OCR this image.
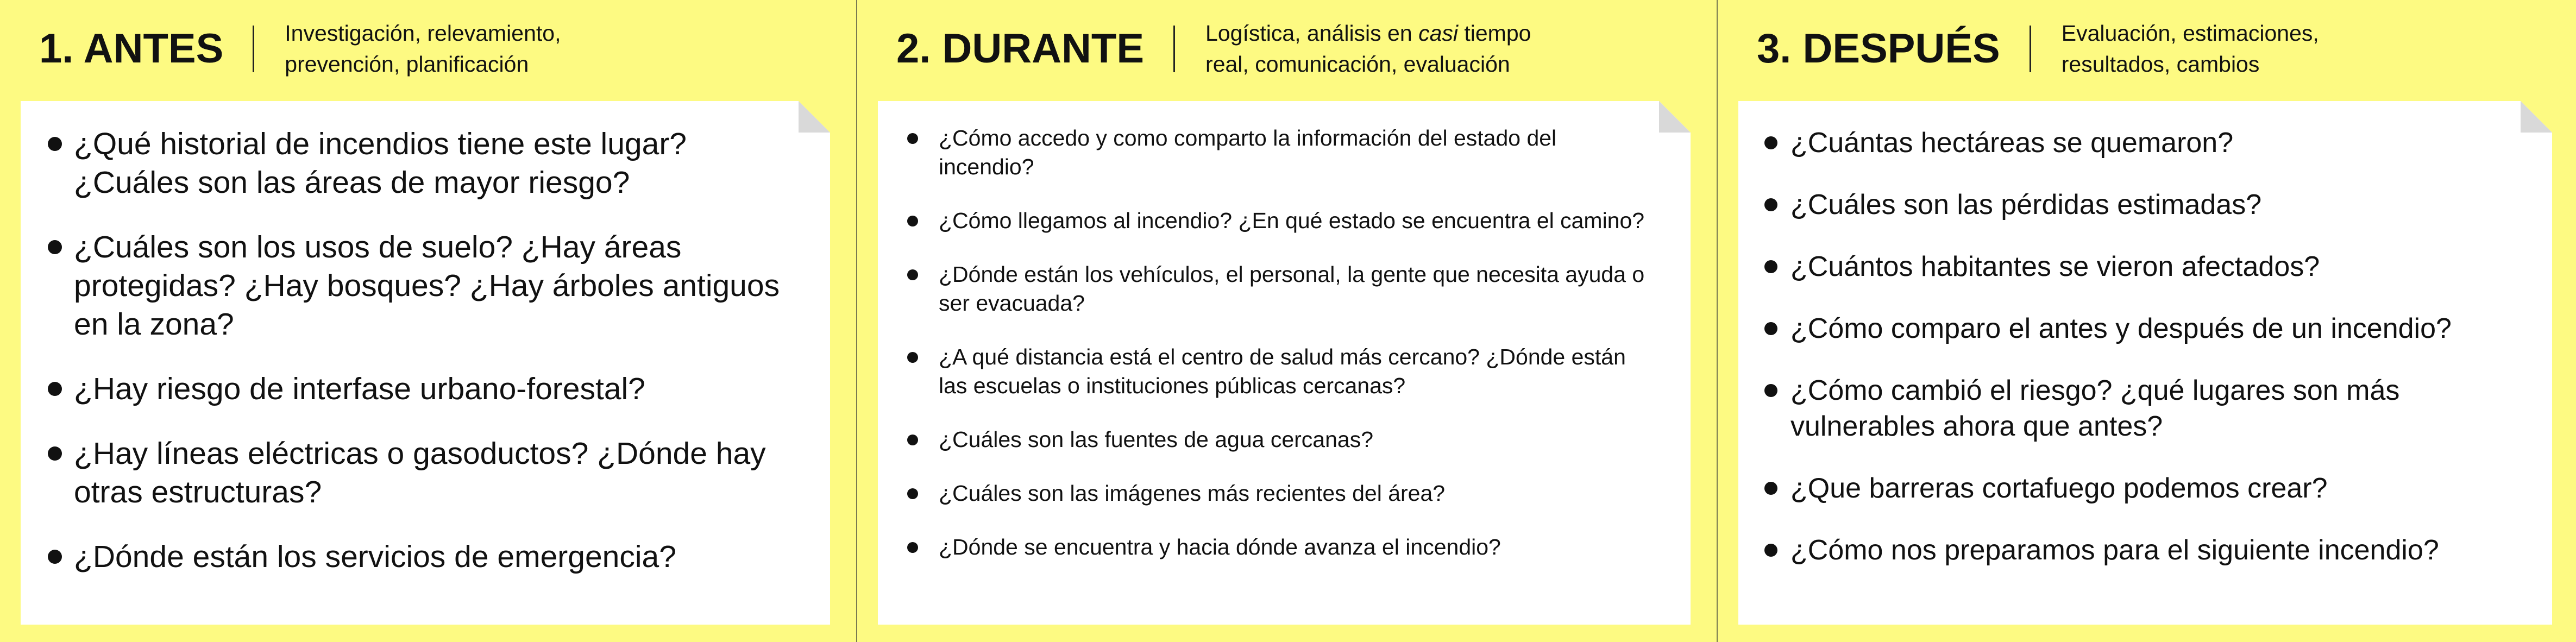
1. ANTES	Investigación, relevamiento,
prevención, planificación
¿Qué historial de incendios tiene este lugar? ¿Cuáles son las áreas de mayor riesgo?
¿Cuáles son los usos de suelo? ¿Hay áreas protegidas? ¿Hay bosques? ¿Hay árboles antiguos en la zona?
¿Hay riesgo de interfase urbano-forestal?
¿Hay líneas eléctricas o gasoductos? ¿Dónde hay otras estructuras?
¿Dónde están los servicios de emergencia?
2. DURANTE	Logística, análisis en casi tiempo
real, comunicación, evaluación
¿Cómo accedo y como comparto la información del estado del incendio?
¿Cómo llegamos al incendio? ¿En qué estado se encuentra el camino?
¿Dónde están los vehículos, el personal, la gente que necesita ayuda o ser evacuada?
¿A qué distancia está el centro de salud más cercano? ¿Dónde están las escuelas o instituciones públicas cercanas?
¿Cuáles son las fuentes de agua cercanas?
¿Cuáles son las imágenes más recientes del área?
¿Dónde se encuentra y hacia dónde avanza el incendio?
3. DESPUÉS	Evaluación, estimaciones,
resultados, cambios
¿Cuántas hectáreas se quemaron?
¿Cuáles son las pérdidas estimadas?
¿Cuántos habitantes se vieron afectados?
¿Cómo comparo el antes y después de un incendio?
¿Cómo cambió el riesgo? ¿qué lugares son más vulnerables ahora que antes?
¿Que barreras cortafuego podemos crear?
¿Cómo nos preparamos para el siguiente incendio?
